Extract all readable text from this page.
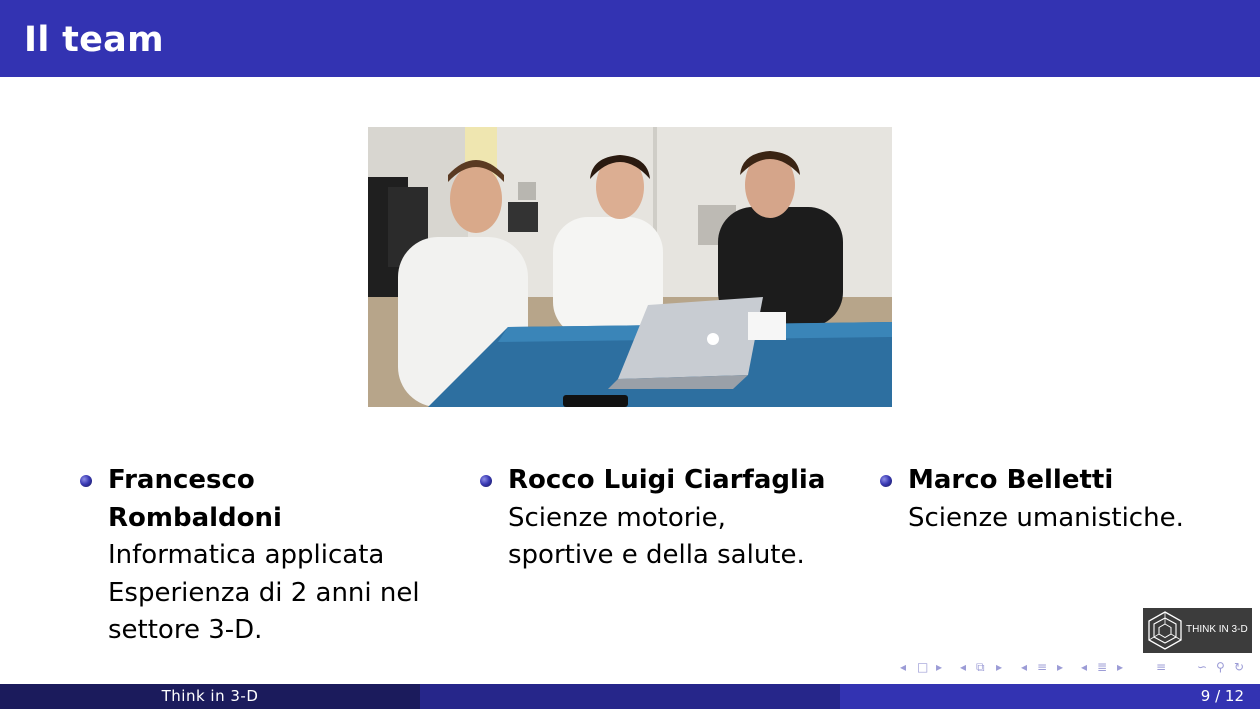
Il team
Francesco
Rombaldoni
Informatica applicata
Esperienza di 2 anni nel
settore 3-D.
Rocco Luigi Ciarfaglia
Scienze motorie,
sportive e della salute.
Marco Belletti
Scienze umanistiche.
THINK IN 3-D
◂ □ ▸ ◂ ⧉ ▸ ◂ ≡ ▸ ◂ ≣ ▸	≡	∽ ⚲ ↻
Think in 3-D	9 / 12
